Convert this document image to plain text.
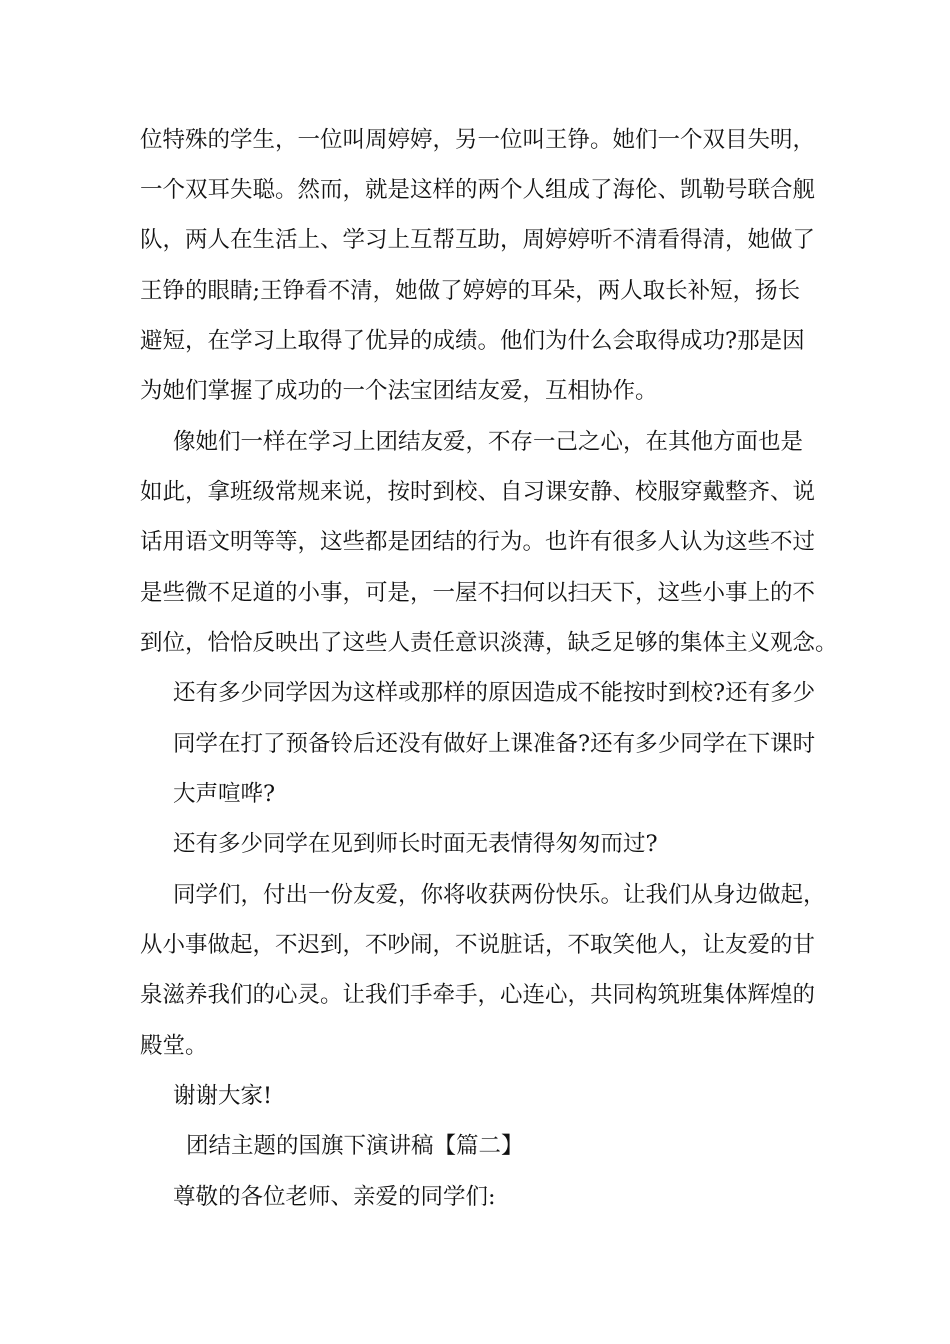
位特殊的学生，一位叫周婷婷，另一位叫王铮。她们一个双目失明，
一个双耳失聪。然而，就是这样的两个人组成了海伦、凯勒号联合舰
队，两人在生活上、学习上互帮互助，周婷婷听不清看得清，她做了
王铮的眼睛;王铮看不清，她做了婷婷的耳朵，两人取长补短，扬长
避短，在学习上取得了优异的成绩。他们为什么会取得成功?那是因
为她们掌握了成功的一个法宝团结友爱，互相协作。
像她们一样在学习上团结友爱，不存一己之心，在其他方面也是
如此，拿班级常规来说，按时到校、自习课安静、校服穿戴整齐、说
话用语文明等等，这些都是团结的行为。也许有很多人认为这些不过
是些微不足道的小事，可是，一屋不扫何以扫天下，这些小事上的不
到位，恰恰反映出了这些人责任意识淡薄，缺乏足够的集体主义观念。
还有多少同学因为这样或那样的原因造成不能按时到校?还有多少
同学在打了预备铃后还没有做好上课准备?还有多少同学在下课时
大声喧哗?
还有多少同学在见到师长时面无表情得匆匆而过?
同学们，付出一份友爱，你将收获两份快乐。让我们从身边做起，
从小事做起，不迟到，不吵闹，不说脏话，不取笑他人，让友爱的甘
泉滋养我们的心灵。让我们手牵手，心连心，共同构筑班集体辉煌的
殿堂。
谢谢大家!
团结主题的国旗下演讲稿【篇二】
尊敬的各位老师、亲爱的同学们:
